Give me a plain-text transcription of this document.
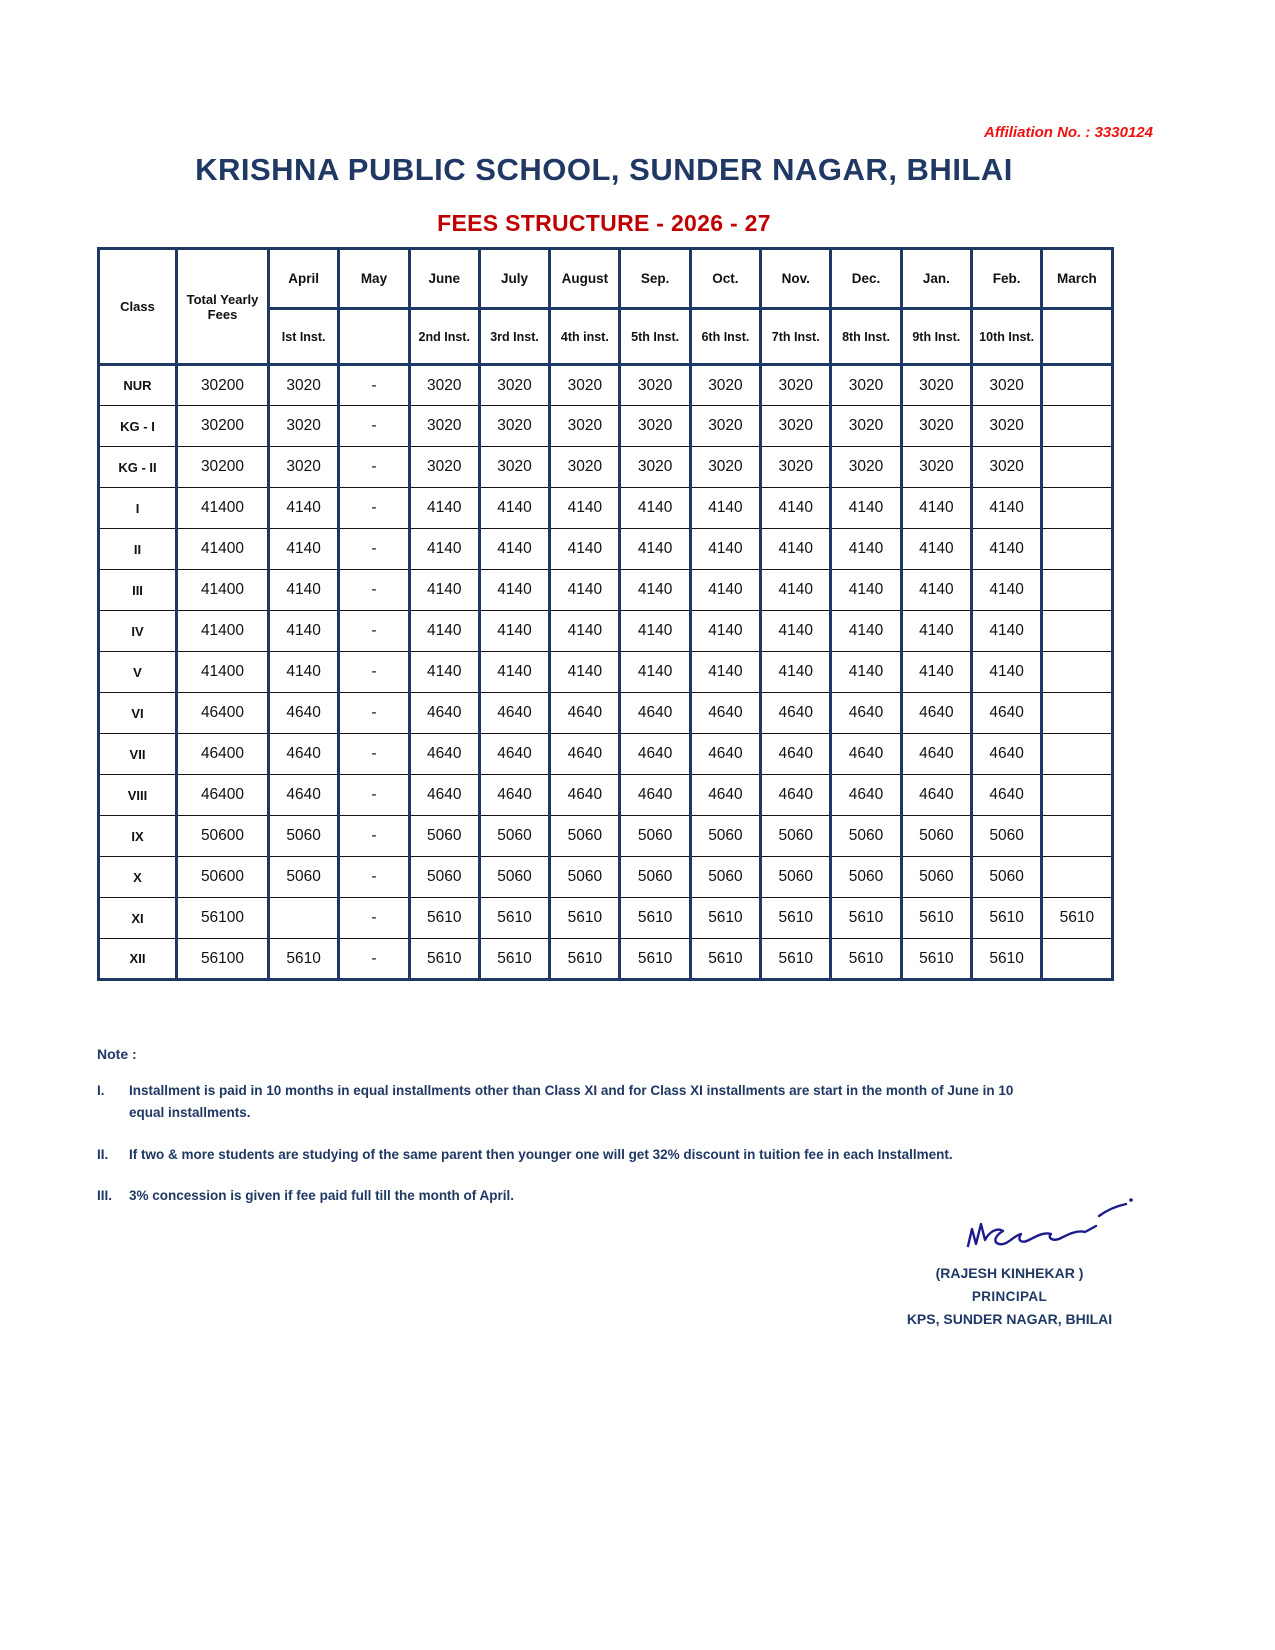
Affiliation No. : 3330124
KRISHNA PUBLIC SCHOOL, SUNDER NAGAR, BHILAI
FEES STRUCTURE - 2026 - 27
Class	Total Yearly Fees	April	May	June	July	August	Sep.	Oct.	Nov.	Dec.	Jan.	Feb.	March
		Ist Inst.		2nd Inst.	3rd Inst.	4th inst.	5th Inst.	6th Inst.	7th Inst.	8th Inst.	9th Inst.	10th Inst.	
NUR	30200	3020	-	3020	3020	3020	3020	3020	3020	3020	3020	3020	
KG - I	30200	3020	-	3020	3020	3020	3020	3020	3020	3020	3020	3020	
KG - II	30200	3020	-	3020	3020	3020	3020	3020	3020	3020	3020	3020	
I	41400	4140	-	4140	4140	4140	4140	4140	4140	4140	4140	4140	
II	41400	4140	-	4140	4140	4140	4140	4140	4140	4140	4140	4140	
III	41400	4140	-	4140	4140	4140	4140	4140	4140	4140	4140	4140	
IV	41400	4140	-	4140	4140	4140	4140	4140	4140	4140	4140	4140	
V	41400	4140	-	4140	4140	4140	4140	4140	4140	4140	4140	4140	
VI	46400	4640	-	4640	4640	4640	4640	4640	4640	4640	4640	4640	
VII	46400	4640	-	4640	4640	4640	4640	4640	4640	4640	4640	4640	
VIII	46400	4640	-	4640	4640	4640	4640	4640	4640	4640	4640	4640	
IX	50600	5060	-	5060	5060	5060	5060	5060	5060	5060	5060	5060	
X	50600	5060	-	5060	5060	5060	5060	5060	5060	5060	5060	5060	
XI	56100		-	5610	5610	5610	5610	5610	5610	5610	5610	5610	5610
XII	56100	5610	-	5610	5610	5610	5610	5610	5610	5610	5610	5610	
Note :
I.	Installment is paid in 10 months in equal installments other than Class XI and for Class XI installments are start in the month of June in 10 equal installments.
II.	If two & more students are studying of the same parent then younger one will get 32% discount in tuition fee in each Installment.
III.	3% concession is given if fee paid full till the month of April.
(RAJESH KINHEKAR )
PRINCIPAL
KPS, SUNDER NAGAR, BHILAI
